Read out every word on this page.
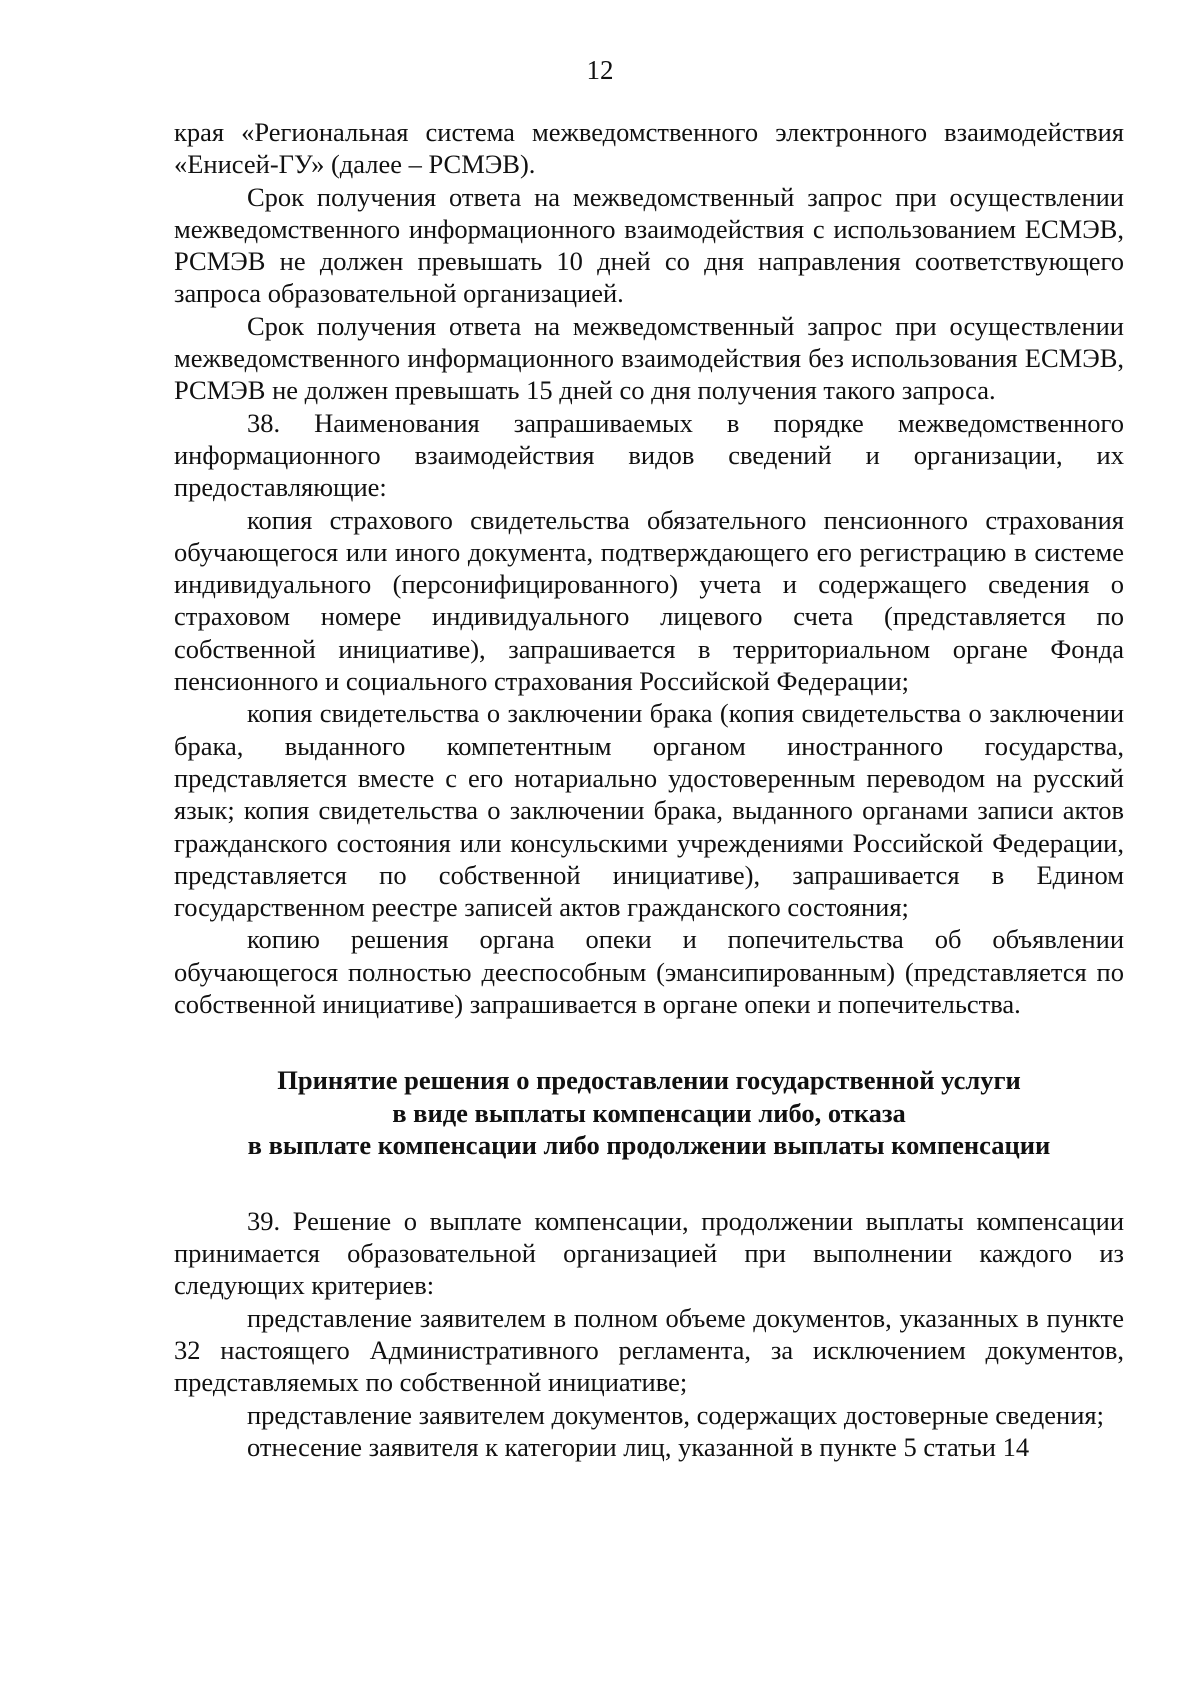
12

края «Региональная система межведомственного электронного взаимодействия «Енисей-ГУ» (далее – РСМЭВ).

Срок получения ответа на межведомственный запрос при осуществлении межведомственного информационного взаимодействия с использованием ЕСМЭВ, РСМЭВ не должен превышать 10 дней со дня направления соответствующего запроса образовательной организацией.

Срок получения ответа на межведомственный запрос при осуществлении межведомственного информационного взаимодействия без использования ЕСМЭВ, РСМЭВ не должен превышать 15 дней со дня получения такого запроса.

38. Наименования запрашиваемых в порядке межведомственного информационного взаимодействия видов сведений и организации, их предоставляющие:

копия страхового свидетельства обязательного пенсионного страхования обучающегося или иного документа, подтверждающего его регистрацию в системе индивидуального (персонифицированного) учета и содержащего сведения о страховом номере индивидуального лицевого счета (представляется по собственной инициативе), запрашивается в территориальном органе Фонда пенсионного и социального страхования Российской Федерации;

копия свидетельства о заключении брака (копия свидетельства о заключении брака, выданного компетентным органом иностранного государства, представляется вместе с его нотариально удостоверенным переводом на русский язык; копия свидетельства о заключении брака, выданного органами записи актов гражданского состояния или консульскими учреждениями Российской Федерации, представляется по собственной инициативе), запрашивается в Едином государственном реестре записей актов гражданского состояния;

копию решения органа опеки и попечительства об объявлении обучающегося полностью дееспособным (эмансипированным) (представляется по собственной инициативе) запрашивается в органе опеки и попечительства.

Принятие решения о предоставлении государственной услуги
в виде выплаты компенсации либо, отказа
в выплате компенсации либо продолжении выплаты компенсации

39. Решение о выплате компенсации, продолжении выплаты компенсации принимается образовательной организацией при выполнении каждого из следующих критериев:

представление заявителем в полном объеме документов, указанных в пункте 32 настоящего Административного регламента, за исключением документов, представляемых по собственной инициативе;

представление заявителем документов, содержащих достоверные сведения;

отнесение заявителя к категории лиц, указанной в пункте 5 статьи 14
